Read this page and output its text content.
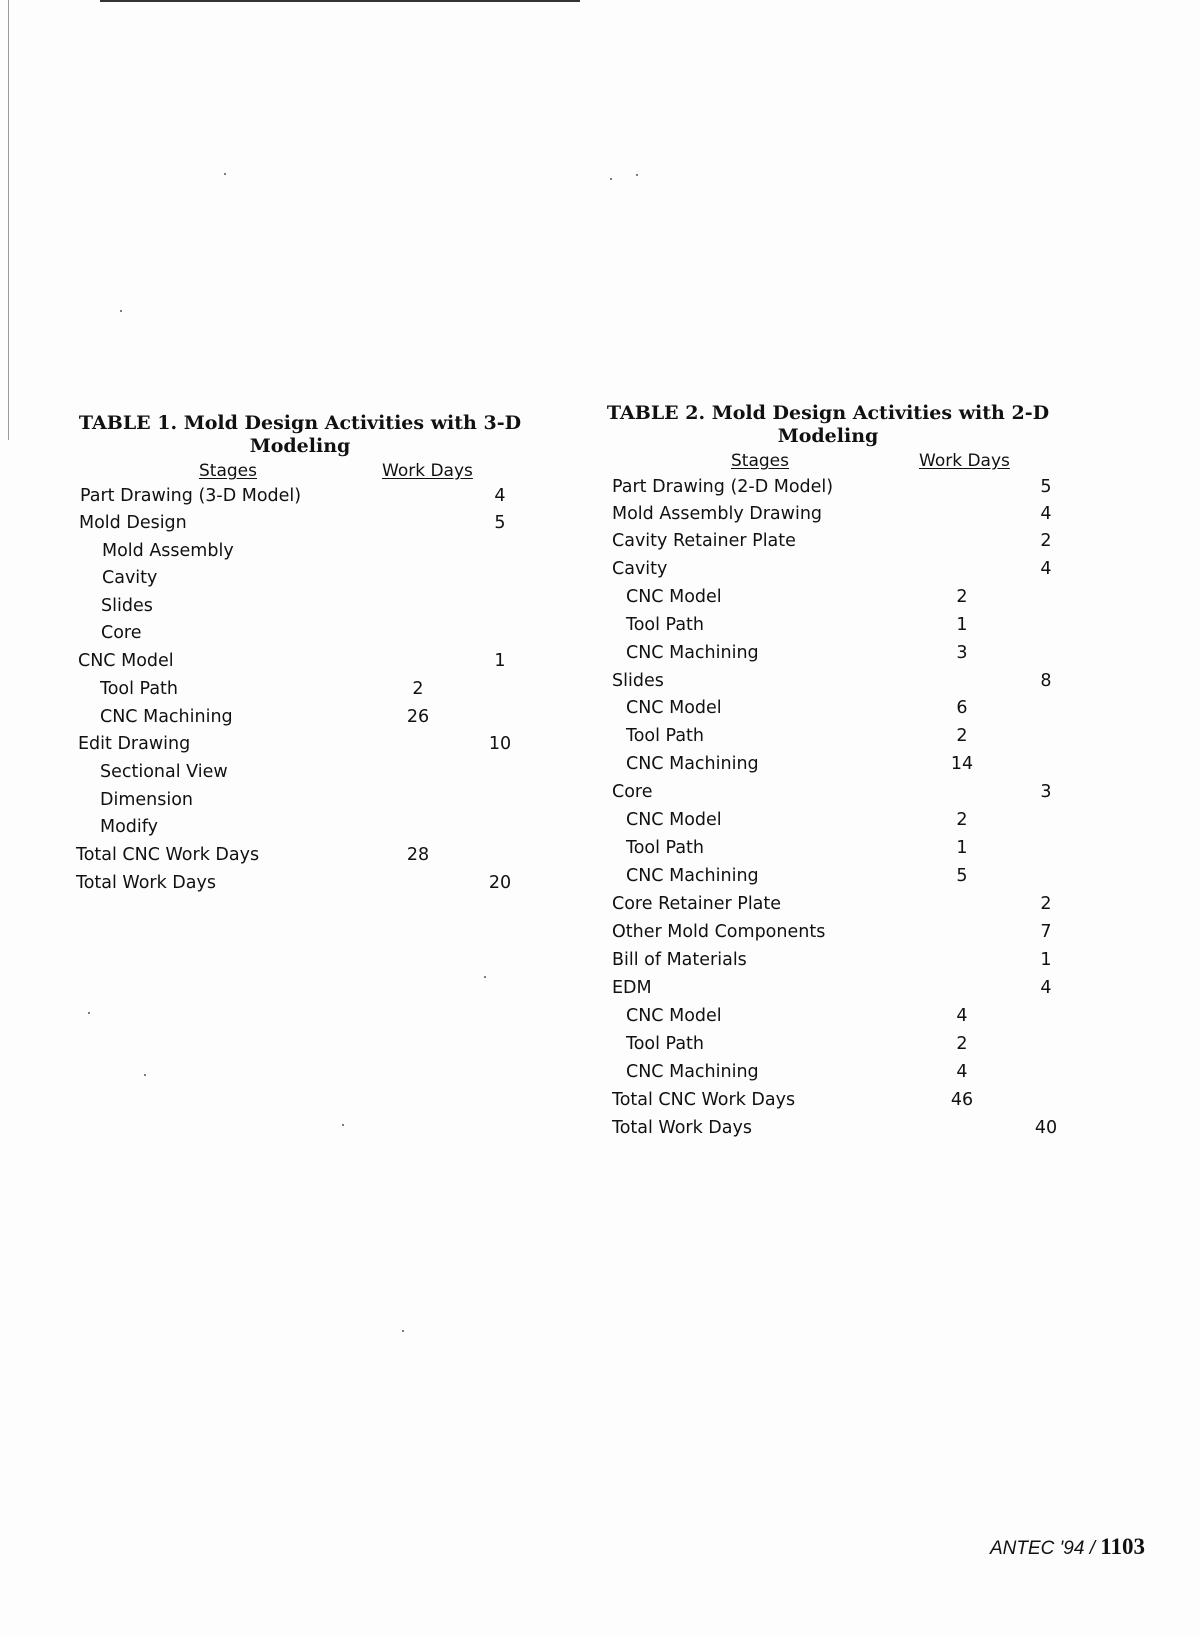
TABLE 1. Mold Design Activities with 3-D
Modeling
Stages	Work Days
Part Drawing (3-D Model)	4
Mold Design	5
Mold Assembly
Cavity
Slides
Core
CNC Model	1
Tool Path	2
CNC Machining	26
Edit Drawing	10
Sectional View
Dimension
Modify
Total CNC Work Days	28
Total Work Days	20
TABLE 2. Mold Design Activities with 2-D
Modeling
Stages	Work Days
Part Drawing (2-D Model)	5
Mold Assembly Drawing	4
Cavity Retainer Plate	2
Cavity	4
CNC Model	2
Tool Path	1
CNC Machining	3
Slides	8
CNC Model	6
Tool Path	2
CNC Machining	14
Core	3
CNC Model	2
Tool Path	1
CNC Machining	5
Core Retainer Plate	2
Other Mold Components	7
Bill of Materials	1
EDM	4
CNC Model	4
Tool Path	2
CNC Machining	4
Total CNC Work Days	46
Total Work Days	40
ANTEC '94 / 1103
